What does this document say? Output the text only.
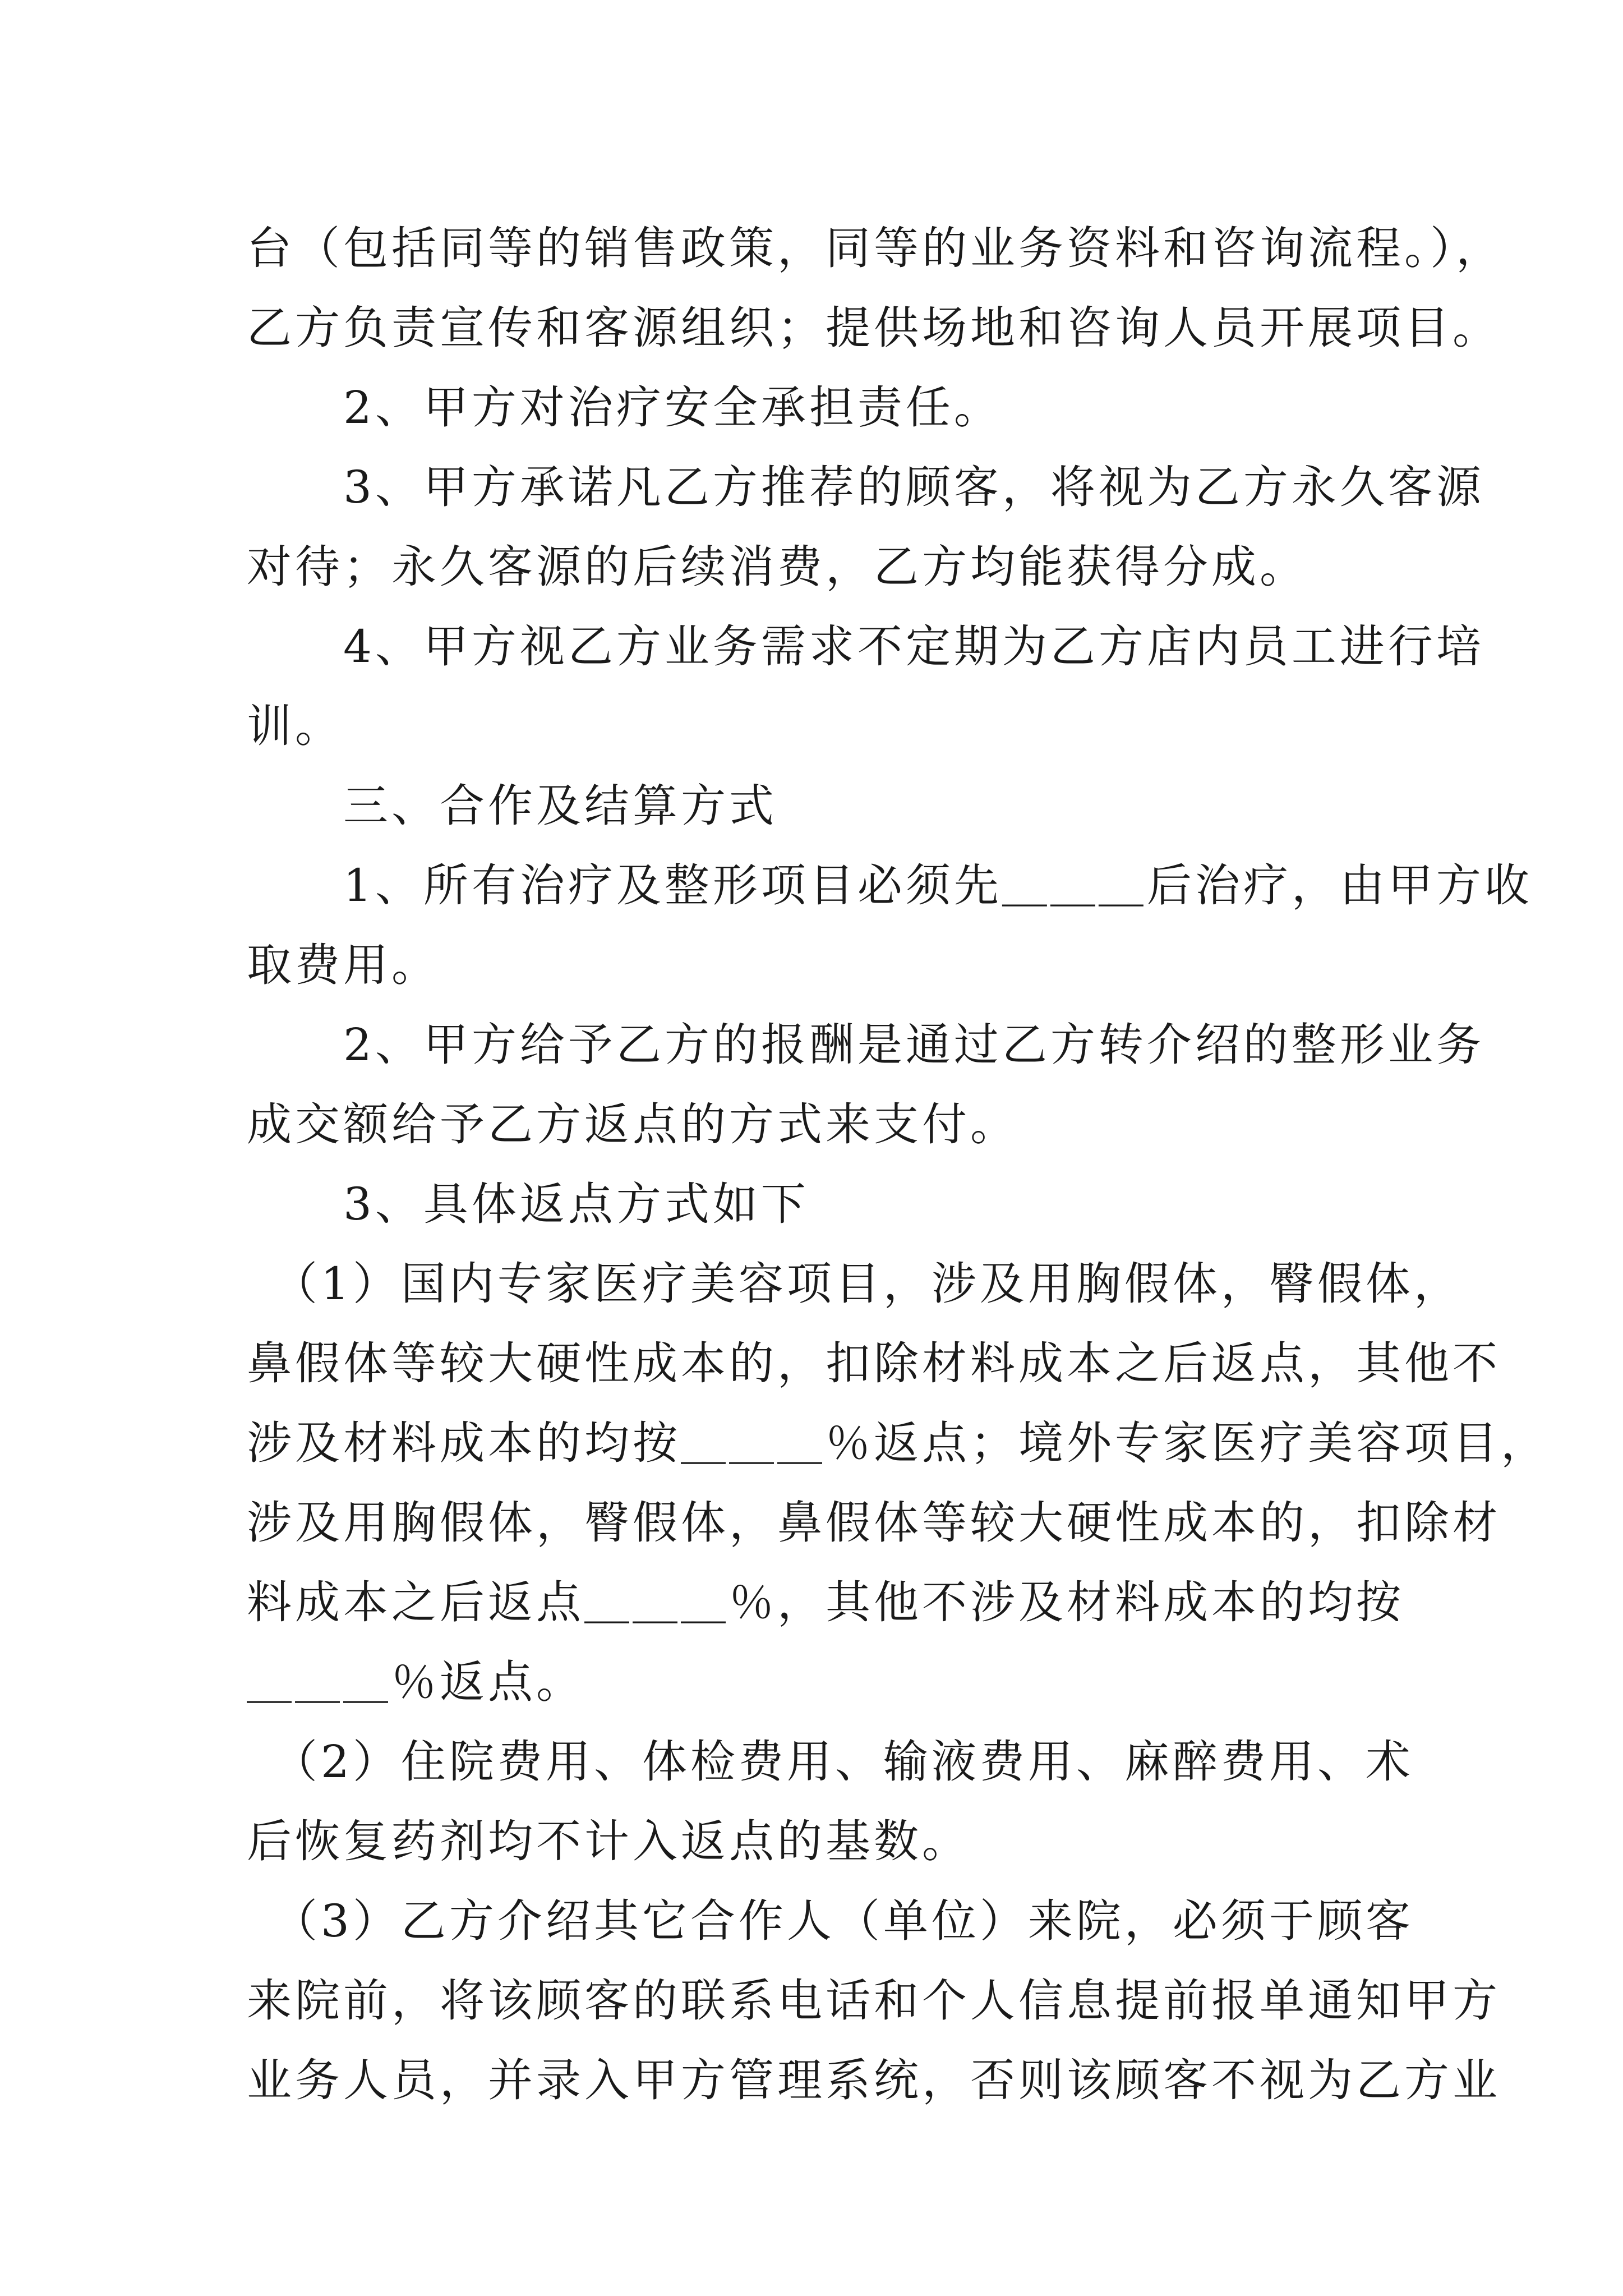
台（包括同等的销售政策，同等的业务资料和咨询流程。），
乙方负责宣传和客源组织；提供场地和咨询人员开展项目。
　　2、甲方对治疗安全承担责任。
　　3、甲方承诺凡乙方推荐的顾客，将视为乙方永久客源
对待；永久客源的后续消费，乙方均能获得分成。
　　4、甲方视乙方业务需求不定期为乙方店内员工进行培
训。
　　三、合作及结算方式
　　1、所有治疗及整形项目必须先＿＿＿后治疗，由甲方收
取费用。
　　2、甲方给予乙方的报酬是通过乙方转介绍的整形业务
成交额给予乙方返点的方式来支付。
　　3、具体返点方式如下
　（1）国内专家医疗美容项目，涉及用胸假体，臀假体，
鼻假体等较大硬性成本的，扣除材料成本之后返点，其他不
涉及材料成本的均按＿＿＿％返点；境外专家医疗美容项目，
涉及用胸假体，臀假体，鼻假体等较大硬性成本的，扣除材
料成本之后返点＿＿＿％，其他不涉及材料成本的均按
＿＿＿％返点。
　（2）住院费用、体检费用、输液费用、麻醉费用、术
后恢复药剂均不计入返点的基数。
　（3）乙方介绍其它合作人（单位）来院，必须于顾客
来院前，将该顾客的联系电话和个人信息提前报单通知甲方
业务人员，并录入甲方管理系统，否则该顾客不视为乙方业
